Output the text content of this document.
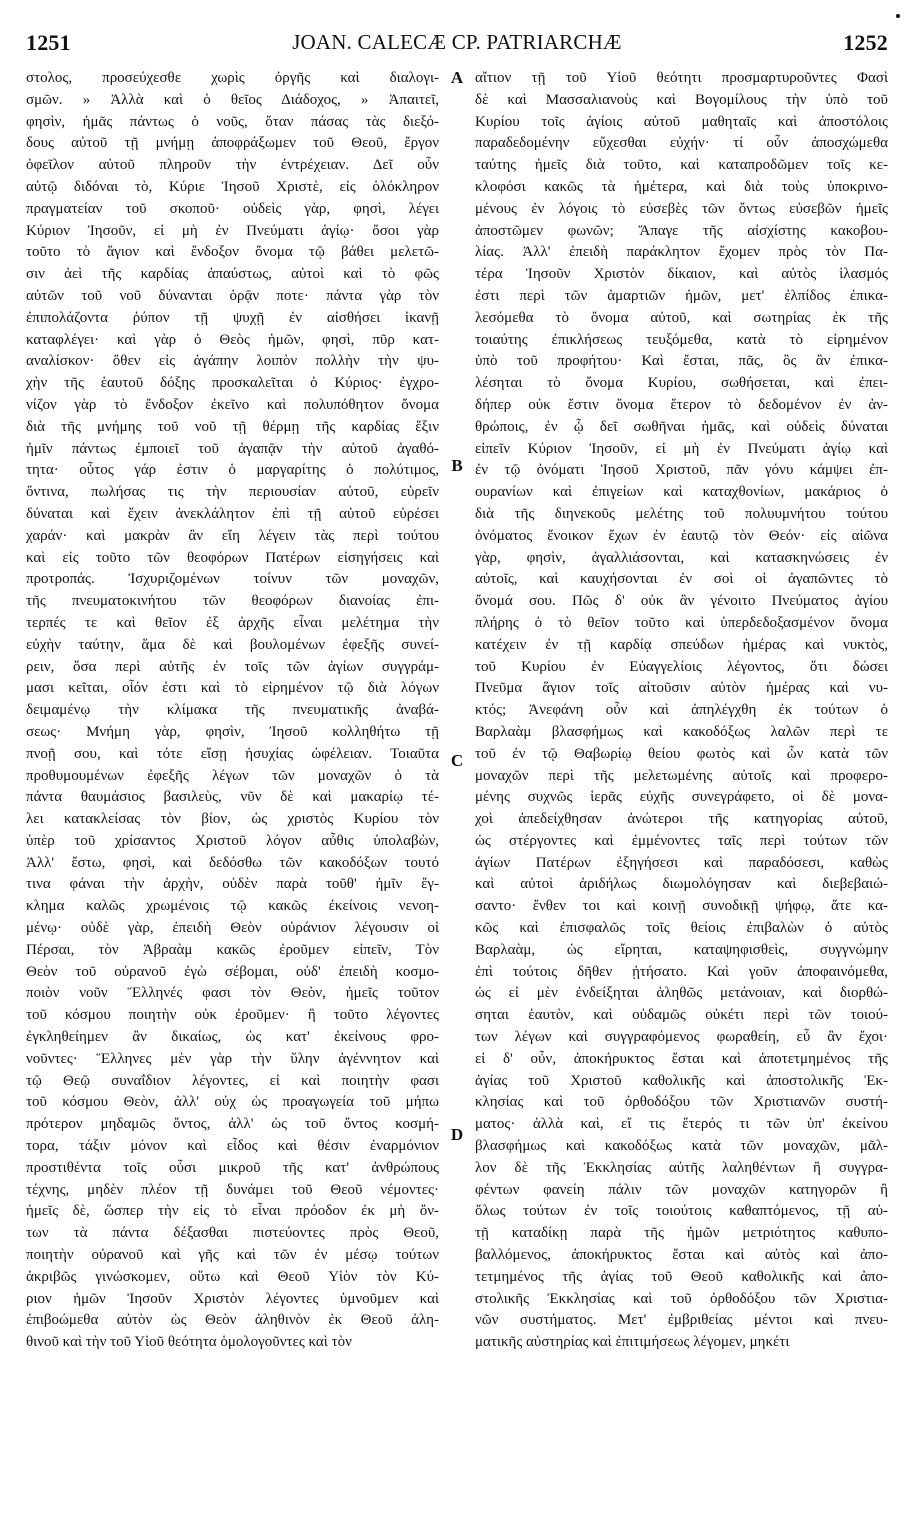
1251	JOAN. CALECÆ CP. PATRIARCHÆ	1252
στολος, προσεύχεσθε χωρὶς ὀργῆς καὶ διαλογι-
σμῶν. » Ἀλλὰ καὶ ὁ θεῖος Διάδοχος, » Ἀπαιτεῖ,
φησὶν, ἡμᾶς πάντως ὁ νοῦς, ὅταν πάσας τὰς διεξό-
δους αὐτοῦ τῇ μνήμῃ ἀποφράξωμεν τοῦ Θεοῦ, ἔργον
ὀφεῖλον αὐτοῦ πληροῦν τὴν ἐντρέχειαν. Δεῖ οὖν
αὐτῷ διδόναι τὸ, Κύριε Ἰησοῦ Χριστὲ, εἰς ὁλόκληρον
πραγματείαν τοῦ σκοποῦ· οὐδεὶς γὰρ, φησὶ, λέγει
Κύριον Ἰησοῦν, εἰ μὴ ἐν Πνεύματι ἁγίῳ· ὅσοι γὰρ
τοῦτο τὸ ἅγιον καὶ ἔνδοξον ὄνομα τῷ βάθει μελετῶ-
σιν ἀεὶ τῆς καρδίας ἀπαύστως, αὐτοὶ καὶ τὸ φῶς
αὐτῶν τοῦ νοῦ δύνανται ὁρᾷν ποτε· πάντα γὰρ τὸν
ἐπιπολάζοντα ῥύπον τῇ ψυχῇ ἐν αἰσθήσει ἱκανῇ
καταφλέγει· καὶ γὰρ ὁ Θεὸς ἡμῶν, φησὶ, πῦρ κατ-
αναλίσκον· ὅθεν εἰς ἀγάπην λοιπὸν πολλὴν τὴν ψυ-
χὴν τῆς ἑαυτοῦ δόξης προσκαλεῖται ὁ Κύριος· ἐγχρο-
νίζον γὰρ τὸ ἔνδοξον ἐκεῖνο καὶ πολυπόθητον ὄνομα
διὰ τῆς μνήμης τοῦ νοῦ τῇ θέρμῃ τῆς καρδίας ἕξιν
ἡμῖν πάντως ἐμποιεῖ τοῦ ἀγαπᾷν τὴν αὐτοῦ ἀγαθό-
τητα· οὗτος γάρ ἐστιν ὁ μαργαρίτης ὁ πολύτιμος,
ὅντινα, πωλήσας τις τὴν περιουσίαν αὐτοῦ, εὑρεῖν
δύναται καὶ ἔχειν ἀνεκλάλητον ἐπὶ τῇ αὐτοῦ εὑρέσει
χαράν· καὶ μακρὰν ἂν εἴη λέγειν τὰς περὶ τούτου
καὶ εἰς τοῦτο τῶν θεοφόρων Πατέρων εἰσηγήσεις καὶ
προτροπάς. Ἰσχυριζομένων τοίνυν τῶν μοναχῶν,
τῆς πνευματοκινήτου τῶν θεοφόρων διανοίας ἐπι-
τερπές τε καὶ θεῖον ἐξ ἀρχῆς εἶναι μελέτημα τὴν
εὐχὴν ταύτην, ἅμα δὲ καὶ βουλομένων ἐφεξῆς συνεί-
ρειν, ὅσα περὶ αὐτῆς ἐν τοῖς τῶν ἁγίων συγγράμ-
μασι κεῖται, οἷόν ἐστι καὶ τὸ εἰρημένον τῷ διὰ λόγων
δειμαμένῳ τὴν κλίμακα τῆς πνευματικῆς ἀναβά-
σεως· Μνήμη γὰρ, φησὶν, Ἰησοῦ κολληθήτω τῇ
πνοῇ σου, καὶ τότε εἴσῃ ἡσυχίας ὠφέλειαν. Τοιαῦτα
προθυμουμένων ἐφεξῆς λέγων τῶν μοναχῶν ὁ τὰ
πάντα θαυμάσιος βασιλεὺς, νῦν δὲ καὶ μακαρίῳ τέ-
λει κατακλείσας τὸν βίον, ὡς χριστὸς Κυρίου τὸν
ὑπὲρ τοῦ χρίσαντος Χριστοῦ λόγον αὖθις ὑπολαβὼν,
Ἀλλ' ἔστω, φησὶ, καὶ δεδόσθω τῶν κακοδόξων τουτό
τινα φάναι τὴν ἀρχὴν, οὐδὲν παρὰ τοῦθ' ἡμῖν ἔγ-
κλημα καλῶς χρωμένοις τῷ κακῶς ἐκείνοις νενοη-
μένῳ· οὐδὲ γὰρ, ἐπειδὴ Θεὸν οὐράνιον λέγουσιν οἱ
Πέρσαι, τὸν Ἀβραὰμ κακῶς ἐροῦμεν εἰπεῖν, Τὸν
Θεὸν τοῦ οὐρανοῦ ἐγὼ σέβομαι, οὐδ' ἐπειδὴ κοσμο-
ποιὸν νοῦν Ἕλληνές φασι τὸν Θεὸν, ἡμεῖς τοῦτον
τοῦ κόσμου ποιητὴν οὐκ ἐροῦμεν· ἢ τοῦτο λέγοντες
ἐγκληθείημεν ἂν δικαίως, ὡς κατ' ἐκείνους φρο-
νοῦντες· Ἕλληνες μὲν γὰρ τὴν ὕλην ἀγέννητον καὶ
τῷ Θεῷ συναΐδιον λέγοντες, εἰ καὶ ποιητὴν φασι
τοῦ κόσμου Θεὸν, ἀλλ' οὐχ ὡς προαγωγεία τοῦ μήπω
πρότερον μηδαμῶς ὄντος, ἀλλ' ὡς τοῦ ὄντος κοσμή-
τορα, τάξιν μόνον καὶ εἶδος καὶ θέσιν ἐναρμόνιον
προστιθέντα τοῖς οὖσι μικροῦ τῆς κατ' ἀνθρώπους
τέχνης, μηδὲν πλέον τῇ δυνάμει τοῦ Θεοῦ νέμοντες·
ἡμεῖς δὲ, ὥσπερ τὴν εἰς τὸ εἶναι πρόοδον ἐκ μὴ ὄν-
των τὰ πάντα δέξασθαι πιστεύοντες πρὸς Θεοῦ,
ποιητὴν οὐρανοῦ καὶ γῆς καὶ τῶν ἐν μέσῳ τούτων
ἀκριβῶς γινώσκομεν, οὕτω καὶ Θεοῦ Υἱὸν τὸν Κύ-
ριον ἡμῶν Ἰησοῦν Χριστὸν λέγοντες ὑμνοῦμεν καὶ
ἐπιβοώμεθα αὐτὸν ὡς Θεὸν ἀληθινὸν ἐκ Θεοῦ ἀλη-
θινοῦ καὶ τὴν τοῦ Υἱοῦ θεότητα ὁμολογοῦντες καὶ τὸν
A
B
C
D
αἴτιον τῇ τοῦ Υἱοῦ θεότητι προσμαρτυροῦντες Φασὶ
δὲ καὶ Μασσαλιανοὺς καὶ Βογομίλους τὴν ὑπὸ τοῦ
Κυρίου τοῖς ἁγίοις αὐτοῦ μαθηταῖς καὶ ἀποστόλοις
παραδεδομένην εὔχεσθαι εὐχήν· τί οὖν ἀποσχώμεθα
ταύτης ἡμεῖς διὰ τοῦτο, καὶ καταπροδῶμεν τοῖς κε-
κλοφόσι κακῶς τὰ ἡμέτερα, καὶ διὰ τοὺς ὑποκρινο-
μένους ἐν λόγοις τὸ εὐσεβὲς τῶν ὄντως εὐσεβῶν ἡμεῖς
ἀποστῶμεν φωνῶν; Ἄπαγε τῆς αἰσχίστης κακοβου-
λίας. Ἀλλ' ἐπειδὴ παράκλητον ἔχομεν πρὸς τὸν Πα-
τέρα Ἰησοῦν Χριστὸν δίκαιον, καὶ αὐτὸς ἱλασμός
ἐστι περὶ τῶν ἁμαρτιῶν ἡμῶν, μετ' ἐλπίδος ἐπικα-
λεσόμεθα τὸ ὄνομα αὐτοῦ, καὶ σωτηρίας ἐκ τῆς
τοιαύτης ἐπικλήσεως τευξόμεθα, κατὰ τὸ εἰρημένον
ὑπὸ τοῦ προφήτου· Καὶ ἔσται, πᾶς, ὃς ἂν ἐπικα-
λέσηται τὸ ὄνομα Κυρίου, σωθήσεται, καὶ ἐπει-
δήπερ οὐκ ἔστιν ὄνομα ἕτερον τὸ δεδομένον ἐν ἀν-
θρώποις, ἐν ᾧ δεῖ σωθῆναι ἡμᾶς, καὶ οὐδεὶς δύναται
εἰπεῖν Κύριον Ἰησοῦν, εἰ μὴ ἐν Πνεύματι ἁγίῳ καὶ
ἐν τῷ ὀνόματι Ἰησοῦ Χριστοῦ, πᾶν γόνυ κάμψει ἐπ-
ουρανίων καὶ ἐπιγείων καὶ καταχθονίων, μακάριος ὁ
διὰ τῆς διηνεκοῦς μελέτης τοῦ πολυυμνήτου τούτου
ὀνόματος ἔνοικον ἔχων ἐν ἑαυτῷ τὸν Θεόν· εἰς αἰῶνα
γὰρ, φησὶν, ἀγαλλιάσονται, καὶ κατασκηνώσεις ἐν
αὐτοῖς, καὶ καυχήσονται ἐν σοὶ οἱ ἀγαπῶντες τὸ
ὄνομά σου. Πῶς δ' οὐκ ἂν γένοιτο Πνεύματος ἁγίου
πλήρης ὁ τὸ θεῖον τοῦτο καὶ ὑπερδεδοξασμένον ὄνομα
κατέχειν ἐν τῇ καρδίᾳ σπεύδων ἡμέρας καὶ νυκτὸς,
τοῦ Κυρίου ἐν Εὐαγγελίοις λέγοντος, ὅτι δώσει
Πνεῦμα ἅγιον τοῖς αἰτοῦσιν αὐτὸν ἡμέρας καὶ νυ-
κτός; Ἀνεφάνη οὖν καὶ ἀπηλέγχθη ἐκ τούτων ὁ
Βαρλαὰμ βλασφήμως καὶ κακοδόξως λαλῶν περὶ τε
τοῦ ἐν τῷ Θαβωρίῳ θείου φωτὸς καὶ ὧν κατὰ τῶν
μοναχῶν περὶ τῆς μελετωμένης αὐτοῖς καὶ προφερο-
μένης συχνῶς ἱερᾶς εὐχῆς συνεγράφετο, οἱ δὲ μονα-
χοὶ ἀπεδείχθησαν ἀνώτεροι τῆς κατηγορίας αὐτοῦ,
ὡς στέργοντες καὶ ἐμμένοντες ταῖς περὶ τούτων τῶν
ἁγίων Πατέρων ἐξηγήσεσι καὶ παραδόσεσι, καθὼς
καὶ αὐτοὶ ἀριδήλως διωμολόγησαν καὶ διεβεβαιώ-
σαντο· ἔνθεν τοι καὶ κοινῇ συνοδικῇ ψήφῳ, ἅτε κα-
κῶς καὶ ἐπισφαλῶς τοῖς θείοις ἐπιβαλὼν ὁ αὐτὸς
Βαρλαὰμ, ὡς εἴρηται, καταψηφισθεὶς, συγγνώμην
ἐπὶ τούτοις δῆθεν ᾐτήσατο. Καὶ γοῦν ἀποφαινόμεθα,
ὡς εἰ μὲν ἐνδείξηται ἀληθῶς μετάνοιαν, καὶ διορθώ-
σηται ἑαυτὸν, καὶ οὐδαμῶς οὐκέτι περὶ τῶν τοιού-
των λέγων καὶ συγγραφόμενος φωραθείη, εὖ ἂν ἔχοι·
εἰ δ' οὖν, ἀποκήρυκτος ἔσται καὶ ἀποτετμημένος τῆς
ἁγίας τοῦ Χριστοῦ καθολικῆς καὶ ἀποστολικῆς Ἐκ-
κλησίας καὶ τοῦ ὀρθοδόξου τῶν Χριστιανῶν συστή-
ματος· ἀλλὰ καὶ, εἴ τις ἕτερός τι τῶν ὑπ' ἐκείνου
βλασφήμως καὶ κακοδόξως κατὰ τῶν μοναχῶν, μᾶλ-
λον δὲ τῆς Ἐκκλησίας αὐτῆς λαληθέντων ἢ συγγρα-
φέντων φανείη πάλιν τῶν μοναχῶν κατηγορῶν ἢ
ὅλως τούτων ἐν τοῖς τοιούτοις καθαπτόμενος, τῇ αὐ-
τῇ καταδίκῃ παρὰ τῆς ἡμῶν μετριότητος καθυπο-
βαλλόμενος, ἀποκήρυκτος ἔσται καὶ αὐτὸς καὶ ἀπο-
τετμημένος τῆς ἁγίας τοῦ Θεοῦ καθολικῆς καὶ ἀπο-
στολικῆς Ἐκκλησίας καὶ τοῦ ὀρθοδόξου τῶν Χριστια-
νῶν συστήματος. Μετ' ἐμβριθείας μέντοι καὶ πνευ-
ματικῆς αὐστηρίας καὶ ἐπιτιμήσεως λέγομεν, μηκέτι
